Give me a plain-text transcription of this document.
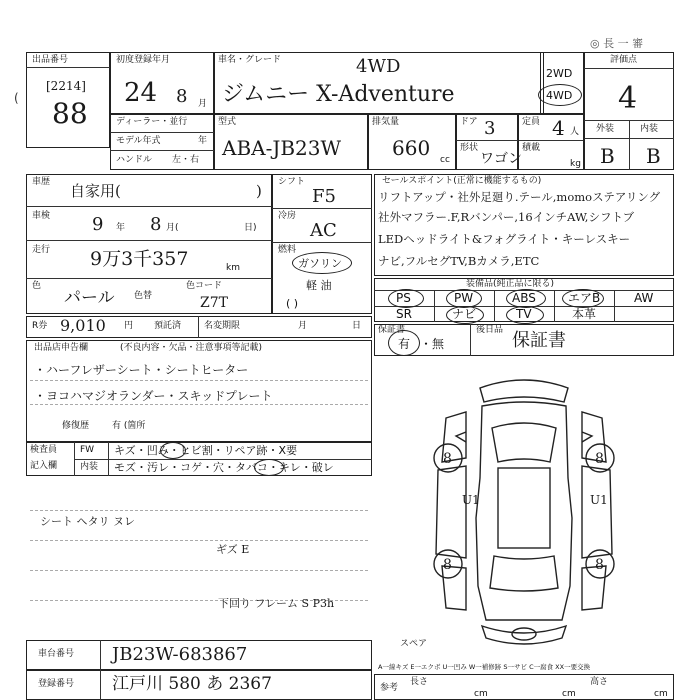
◎ 長 一 審
(
出品番号
[2214]
88
初度登録年月
24 8 月
車名・グレード	4WD
ジムニー X-Adventure
2WD
4WD
評価点
4
外装	内装
B B
ディーラー・並行
モデル年式	年
ハンドル 左・右
型式
ABA-JB23W
排気量
660 cc
ドア 3
形状
ワゴン
定員 4 人
積載
kg
車歴 自家用(	)
車検 9 年 8 月(	日)
走行 9万3千357	km
色
パール 色替
色コード
Z7T
シフト
F5
冷房
AC
燃料
ガソリン
軽 油
( )
R券 9,010 円 預託済	名変期限	月	日
セールスポイント(正常に機能するもの)
リフトアップ・社外足廻り.テール,momoステアリング
社外マフラー.F,Rバンパー,16インチAW,シフトブ
LEDヘッドライト&フォグライト・キーレスキー
ナビ,フルセグTV,Bカメラ,ETC
装備品(純正品に限る)
PS	PW	ABS	エアB	AW
SR	ナビ	TV	本革
保証書
有 ・無
後日品 保証書
出品店申告欄	(不良内容・欠品・注意事項等記載)
・ハーフレザーシート・シートヒーター
・ヨコハマジオランダー・スキッドプレート
修復歴	有 (箇所
検査員
記入欄
FW キズ・凹み・ヒビ割・リペア跡・X要
内装 モズ・汚レ・コゲ・穴・タバコ・キレ・破レ
シート ヘタリ ヌレ
ギズ E
下回り フレーム S P3h
8	8
8	8
U1	U1
スペア
車台番号 JB23W-683867
登録番号 江戸川 580 あ 2367
A一線キズ E一エクボ U一凹み W一補修跡 S一サビ C一腐食 XX一要交換
参考
長さ
cm	cm
高さ
cm
